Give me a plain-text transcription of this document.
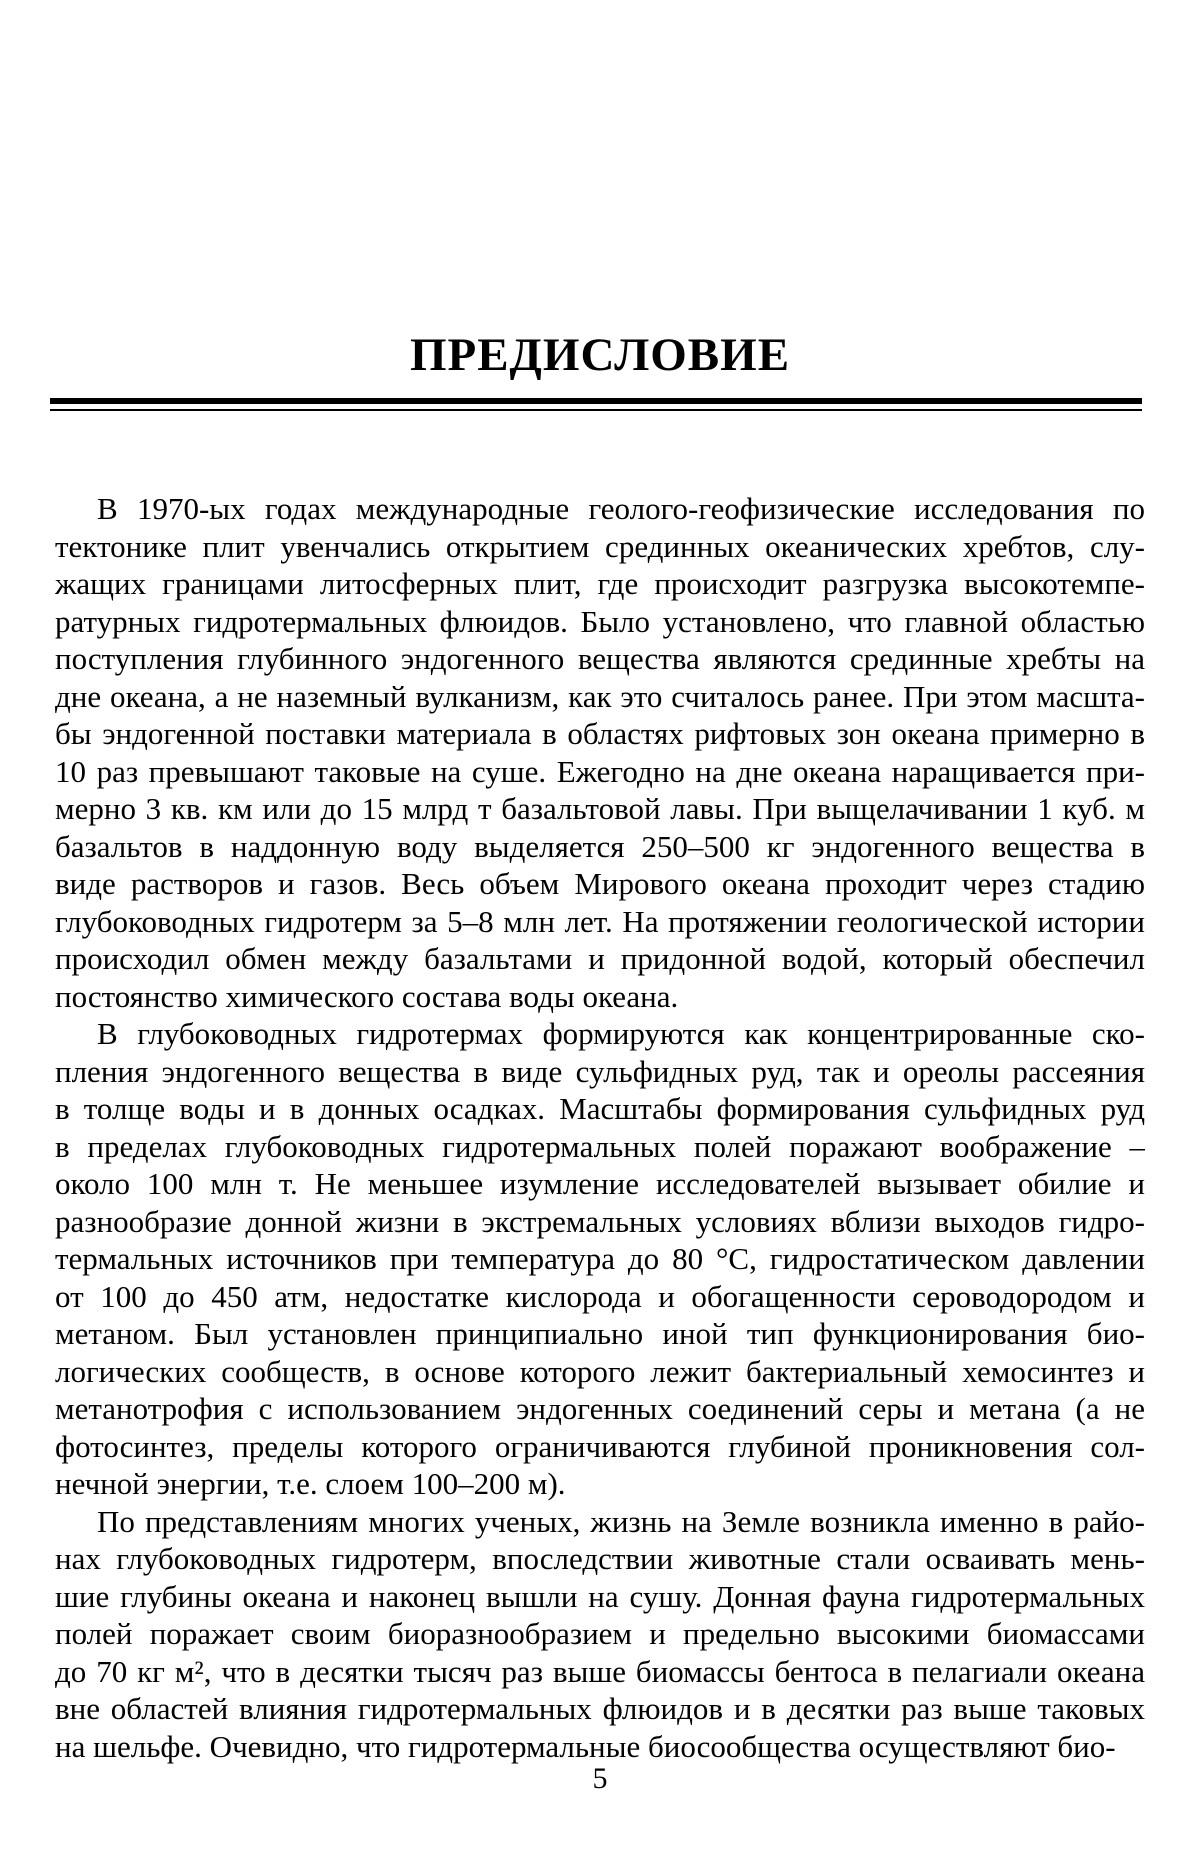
ПРЕДИСЛОВИЕ
В 1970-ых годах международные геолого-геофизические исследования по
тектонике плит увенчались открытием срединных океанических хребтов, слу-
жащих границами литосферных плит, где происходит разгрузка высокотемпе-
ратурных гидротермальных флюидов. Было установлено, что главной областью
поступления глубинного эндогенного вещества являются срединные хребты на
дне океана, а не наземный вулканизм, как это считалось ранее. При этом масшта-
бы эндогенной поставки материала в областях рифтовых зон океана примерно в
10 раз превышают таковые на суше. Ежегодно на дне океана наращивается при-
мерно 3 кв. км или до 15 млрд т базальтовой лавы. При выщелачивании 1 куб. м
базальтов в наддонную воду выделяется 250–500 кг эндогенного вещества в
виде растворов и газов. Весь объем Мирового океана проходит через стадию
глубоководных гидротерм за 5–8 млн лет. На протяжении геологической истории
происходил обмен между базальтами и придонной водой, который обеспечил
постоянство химического состава воды океана.
В глубоководных гидротермах формируются как концентрированные ско-
пления эндогенного вещества в виде сульфидных руд, так и ореолы рассеяния
в толще воды и в донных осадках. Масштабы формирования сульфидных руд
в пределах глубоководных гидротермальных полей поражают воображение –
около 100 млн т. Не меньшее изумление исследователей вызывает обилие и
разнообразие донной жизни в экстремальных условиях вблизи выходов гидро-
термальных источников при температура до 80 °С, гидростатическом давлении
от 100 до 450 атм, недостатке кислорода и обогащенности сероводородом и
метаном. Был установлен принципиально иной тип функционирования био-
логических сообществ, в основе которого лежит бактериальный хемосинтез и
метанотрофия с использованием эндогенных соединений серы и метана (а не
фотосинтез, пределы которого ограничиваются глубиной проникновения сол-
нечной энергии, т.е. слоем 100–200 м).
По представлениям многих ученых, жизнь на Земле возникла именно в райо-
нах глубоководных гидротерм, впоследствии животные стали осваивать мень-
шие глубины океана и наконец вышли на сушу. Донная фауна гидротермальных
полей поражает своим биоразнообразием и предельно высокими биомассами
до 70 кг м², что в десятки тысяч раз выше биомассы бентоса в пелагиали океана
вне областей влияния гидротермальных флюидов и в десятки раз выше таковых
на шельфе. Очевидно, что гидротермальные биосообщества осуществляют био-
5
